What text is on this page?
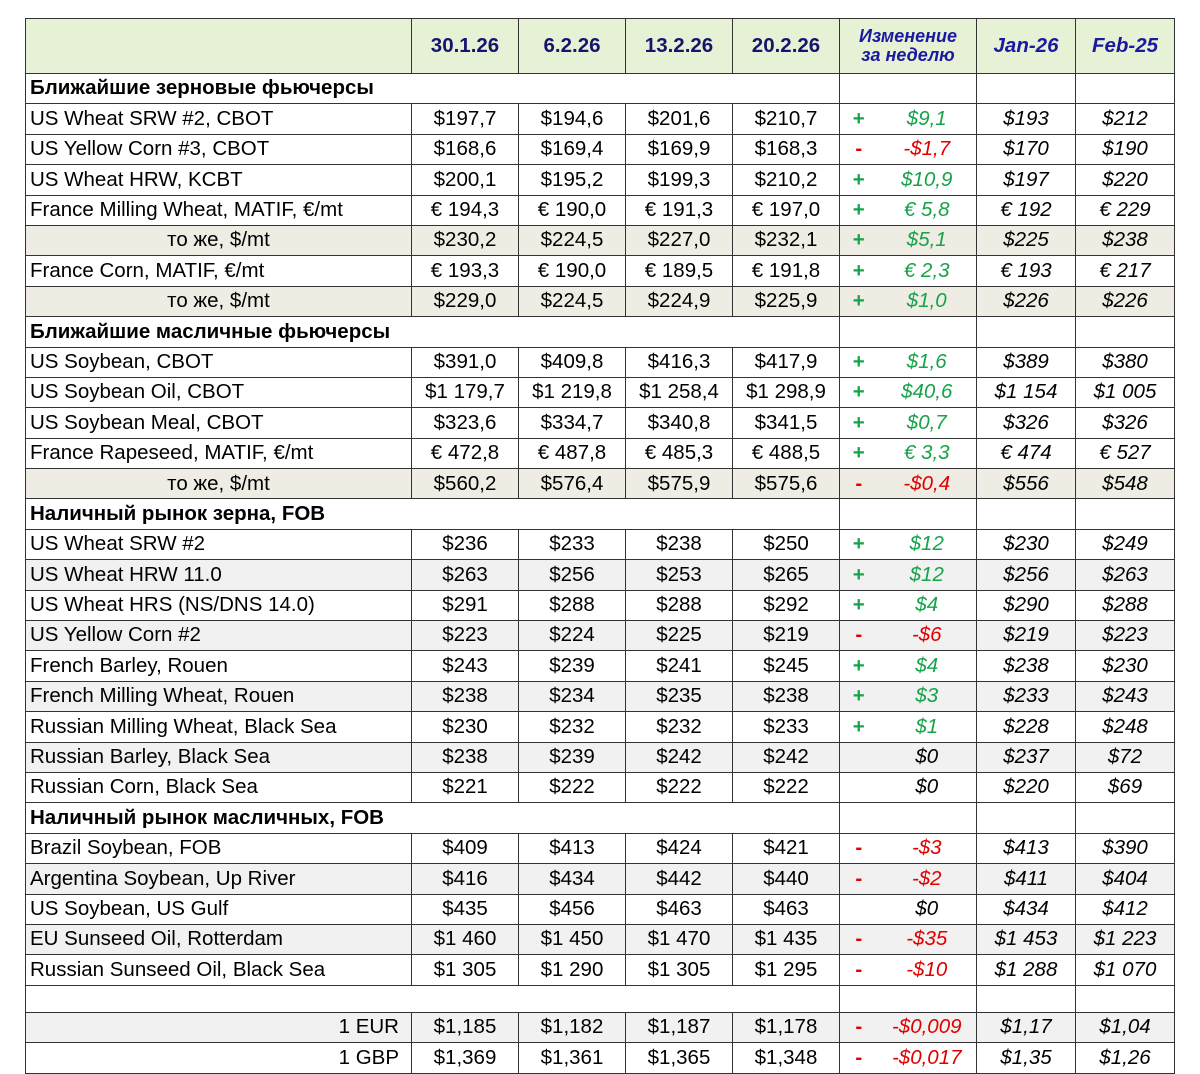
	30.1.26	6.2.26	13.2.26	20.2.26	Изменение
за неделю		Jan-26	Feb-25
Ближайшие зерновые фьючерсы								
US Wheat SRW #2, CBOT	$197,7	$194,6	$201,6	$210,7	+	$9,1	$193	$212
US Yellow Corn #3, CBOT	$168,6	$169,4	$169,9	$168,3	-	-$1,7	$170	$190
US Wheat HRW, KCBT	$200,1	$195,2	$199,3	$210,2	+	$10,9	$197	$220
France Milling Wheat, MATIF, €/mt	€ 194,3	€ 190,0	€ 191,3	€ 197,0	+	€ 5,8	€ 192	€ 229
то же, $/mt	$230,2	$224,5	$227,0	$232,1	+	$5,1	$225	$238
France Corn, MATIF, €/mt	€ 193,3	€ 190,0	€ 189,5	€ 191,8	+	€ 2,3	€ 193	€ 217
то же, $/mt	$229,0	$224,5	$224,9	$225,9	+	$1,0	$226	$226
Ближайшие масличные фьючерсы								
US Soybean, CBOT	$391,0	$409,8	$416,3	$417,9	+	$1,6	$389	$380
US Soybean Oil, CBOT	$1 179,7	$1 219,8	$1 258,4	$1 298,9	+	$40,6	$1 154	$1 005
US Soybean Meal, CBOT	$323,6	$334,7	$340,8	$341,5	+	$0,7	$326	$326
France Rapeseed, MATIF, €/mt	€ 472,8	€ 487,8	€ 485,3	€ 488,5	+	€ 3,3	€ 474	€ 527
то же, $/mt	$560,2	$576,4	$575,9	$575,6	-	-$0,4	$556	$548
Наличный рынок зерна, FOB								
US Wheat SRW #2	$236	$233	$238	$250	+	$12	$230	$249
US Wheat HRW 11.0	$263	$256	$253	$265	+	$12	$256	$263
US Wheat HRS (NS/DNS 14.0)	$291	$288	$288	$292	+	$4	$290	$288
US Yellow Corn #2	$223	$224	$225	$219	-	-$6	$219	$223
French Barley, Rouen	$243	$239	$241	$245	+	$4	$238	$230
French Milling Wheat, Rouen	$238	$234	$235	$238	+	$3	$233	$243
Russian Milling Wheat, Black Sea	$230	$232	$232	$233	+	$1	$228	$248
Russian Barley, Black Sea	$238	$239	$242	$242		$0	$237	$72
Russian Corn, Black Sea	$221	$222	$222	$222		$0	$220	$69
Наличный рынок масличных, FOB								
Brazil Soybean, FOB	$409	$413	$424	$421	-	-$3	$413	$390
Argentina Soybean, Up River	$416	$434	$442	$440	-	-$2	$411	$404
US Soybean, US Gulf	$435	$456	$463	$463		$0	$434	$412
EU Sunseed Oil, Rotterdam	$1 460	$1 450	$1 470	$1 435	-	-$35	$1 453	$1 223
Russian Sunseed Oil, Black Sea	$1 305	$1 290	$1 305	$1 295	-	-$10	$1 288	$1 070

1 EUR	$1,185	$1,182	$1,187	$1,178	-	-$0,009	$1,17	$1,04
1 GBP	$1,369	$1,361	$1,365	$1,348	-	-$0,017	$1,35	$1,26
